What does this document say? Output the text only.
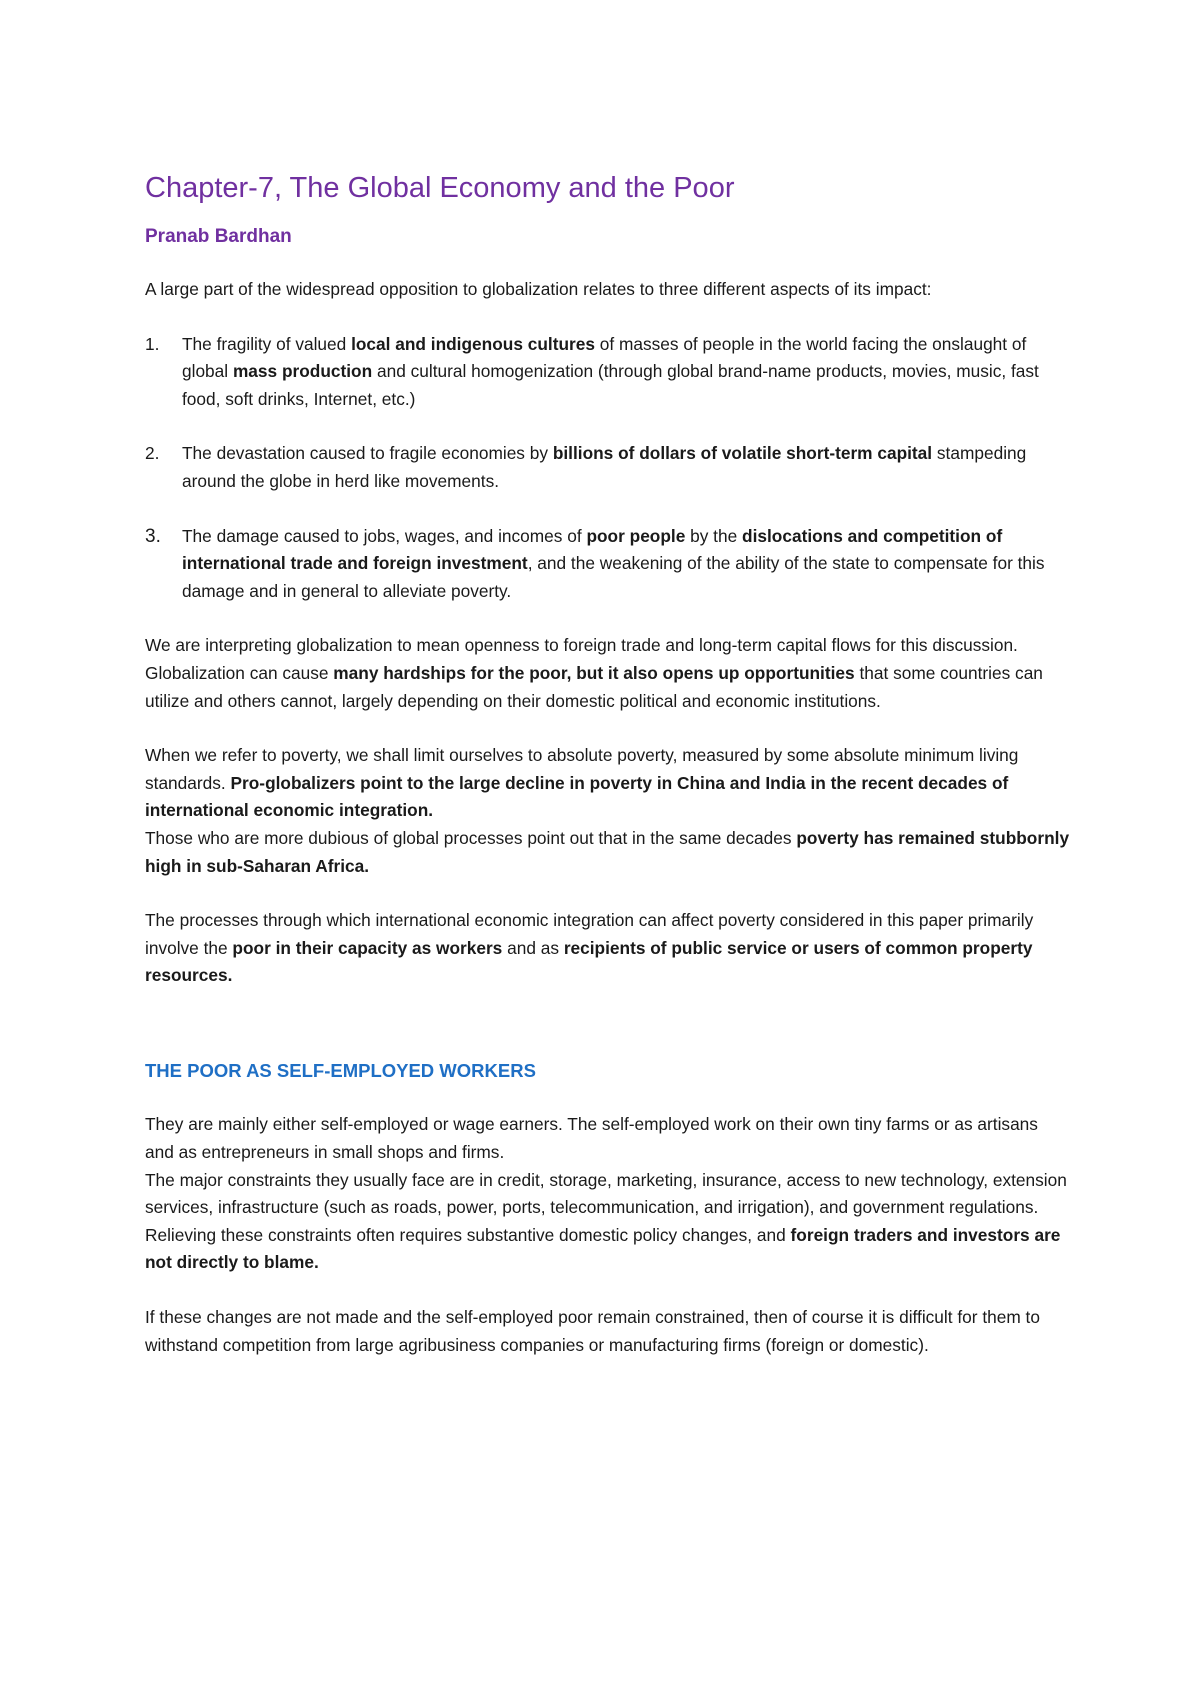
Chapter-7, The Global Economy and the Poor
Pranab Bardhan

A large part of the widespread opposition to globalization relates to three different aspects of its impact:

1. The fragility of valued local and indigenous cultures of masses of people in the world facing the onslaught of global mass production and cultural homogenization (through global brand-name products, movies, music, fast food, soft drinks, Internet, etc.)
2. The devastation caused to fragile economies by billions of dollars of volatile short-term capital stampeding around the globe in herd like movements.
3. The damage caused to jobs, wages, and incomes of poor people by the dislocations and competition of international trade and foreign investment, and the weakening of the ability of the state to compensate for this damage and in general to alleviate poverty.

We are interpreting globalization to mean openness to foreign trade and long-term capital flows for this discussion. Globalization can cause many hardships for the poor, but it also opens up opportunities that some countries can utilize and others cannot, largely depending on their domestic political and economic institutions.

When we refer to poverty, we shall limit ourselves to absolute poverty, measured by some absolute minimum living standards. Pro-globalizers point to the large decline in poverty in China and India in the recent decades of international economic integration.

Those who are more dubious of global processes point out that in the same decades poverty has remained stubbornly high in sub-Saharan Africa.

The processes through which international economic integration can affect poverty considered in this paper primarily involve the poor in their capacity as workers and as recipients of public service or users of common property resources.

THE POOR AS SELF-EMPLOYED WORKERS

They are mainly either self-employed or wage earners. The self-employed work on their own tiny farms or as artisans and as entrepreneurs in small shops and firms.

The major constraints they usually face are in credit, storage, marketing, insurance, access to new technology, extension services, infrastructure (such as roads, power, ports, telecommunication, and irrigation), and government regulations. Relieving these constraints often requires substantive domestic policy changes, and foreign traders and investors are not directly to blame.

If these changes are not made and the self-employed poor remain constrained, then of course it is difficult for them to withstand competition from large agribusiness companies or manufacturing firms (foreign or domestic).
